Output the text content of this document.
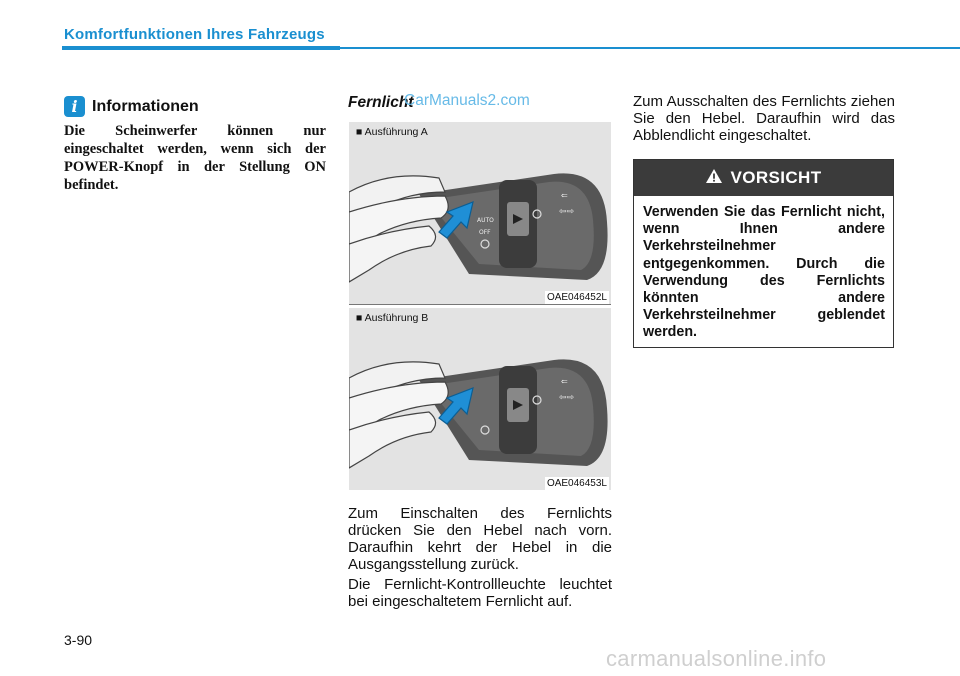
Komfortfunktionen Ihres Fahrzeugs
i Informationen
Die Scheinwerfer können nur eingeschaltet werden, wenn sich der POWER-Knopf in der Stellung ON befindet.
Fernlicht
CarManuals2.com
■ Ausführung A
AUTO
OFF
⇐
⇦⇨
OAE046452L
■ Ausführung B
⇐
⇦⇨
OAE046453L
Zum Einschalten des Fernlichts drücken Sie den Hebel nach vorn. Daraufhin kehrt der Hebel in die Ausgangsstellung zurück.
Die Fernlicht-Kontrollleuchte leuchtet bei eingeschaltetem Fernlicht auf.
Zum Ausschalten des Fernlichts ziehen Sie den Hebel. Daraufhin wird das Abblendlicht eingeschaltet.
VORSICHT
Verwenden Sie das Fernlicht nicht, wenn Ihnen andere Verkehrsteilnehmer entgegenkommen. Durch die Verwendung des Fernlichts könnten andere Verkehrsteilnehmer geblendet werden.
3-90
carmanualsonline.info
